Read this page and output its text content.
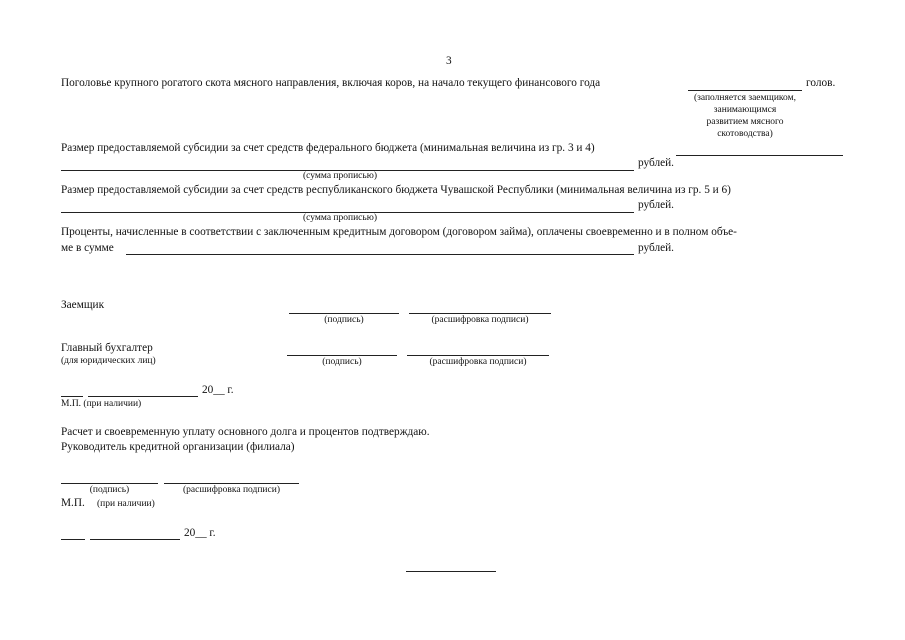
3
Поголовье крупного рогатого скота мясного направления, включая коров, на начало текущего финансового года	голов.
(заполняется заемщиком,
занимающимся
развитием мясного
скотоводства)
Размер предоставляемой субсидии за счет средств федерального бюджета (минимальная величина из гр. 3 и 4)
рублей.
(сумма прописью)
Размер предоставляемой субсидии за счет средств республиканского бюджета Чувашской Республики (минимальная величина из гр. 5 и 6)
рублей.
(сумма прописью)
Проценты, начисленные в соответствии с заключенным кредитным договором (договором займа), оплачены своевременно и в полном объе-
ме в сумме	рублей.
Заемщик
(подпись)	(расшифровка подписи)
Главный бухгалтер
(для юридических лиц)	(подпись)	(расшифровка подписи)
20__ г.
М.П. (при наличии)
Расчет и своевременную уплату основного долга и процентов подтверждаю.
Руководитель кредитной организации (филиала)
(подпись)	(расшифровка подписи)
М.П. (при наличии)
20__ г.
